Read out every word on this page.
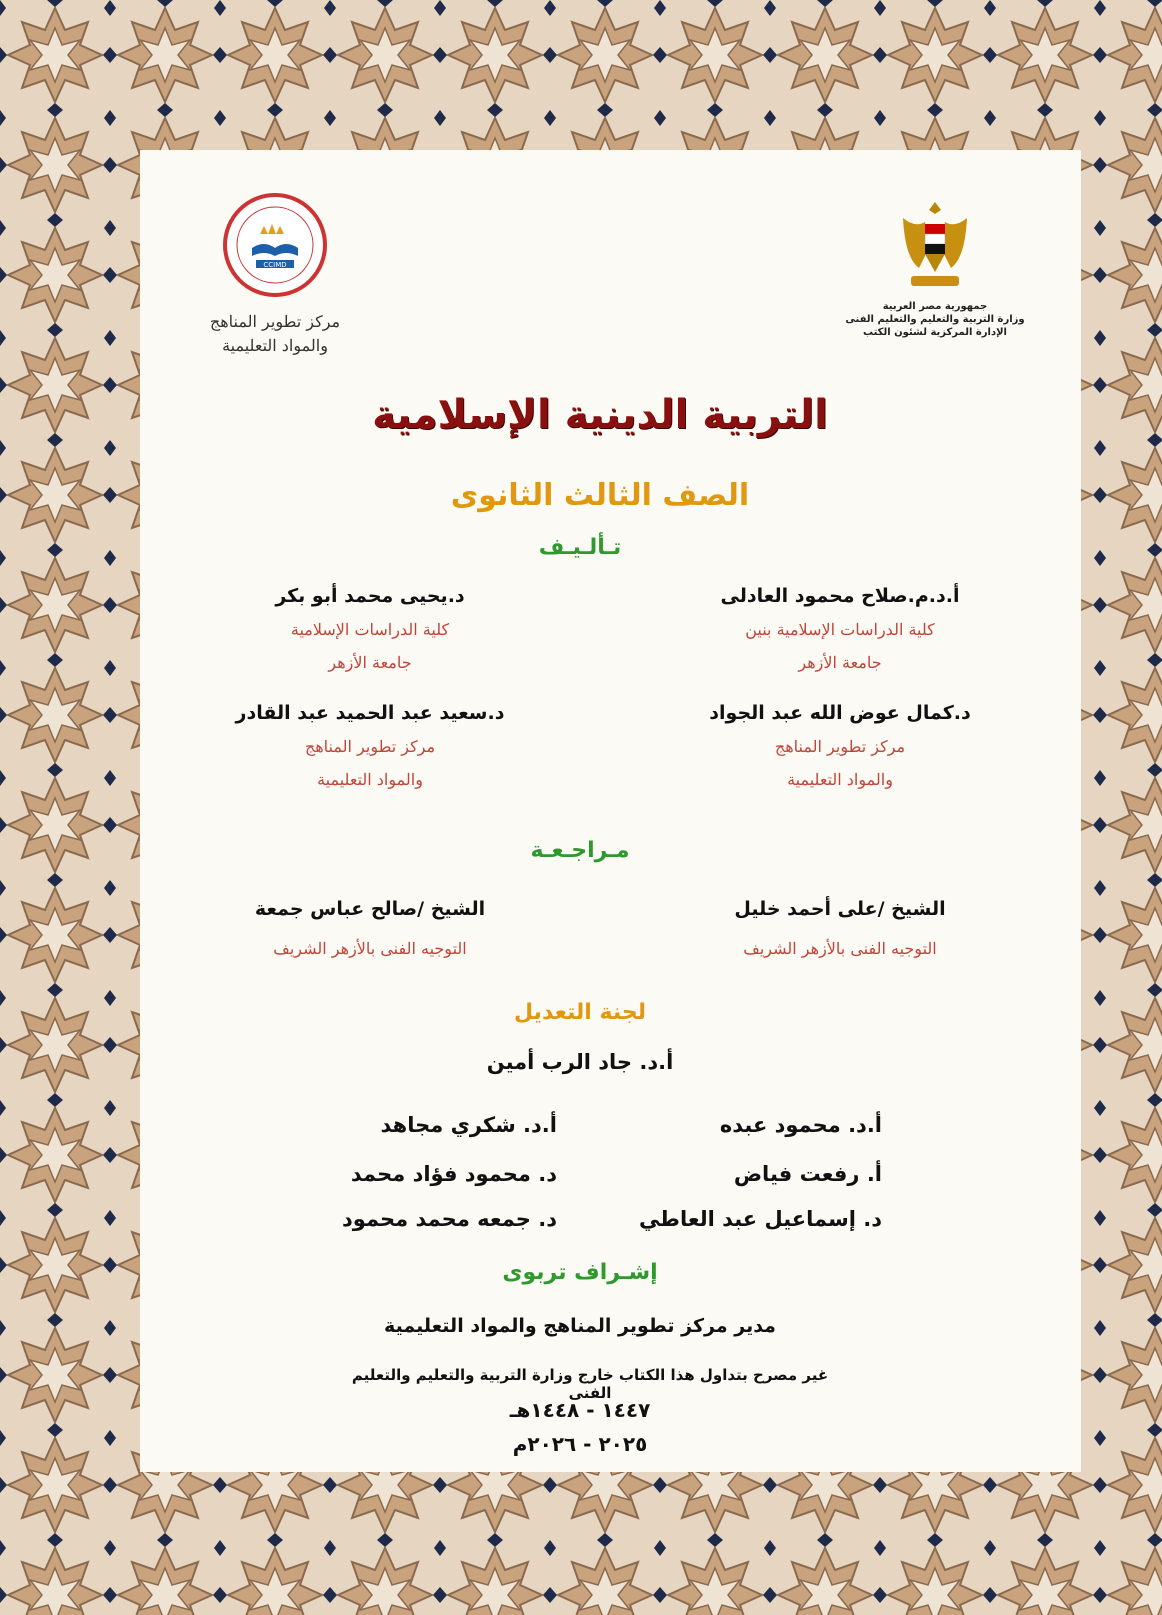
جمهورية مصر العربية
وزارة التربية والتعليم والتعليم الفنى
الإدارة المركزية لشئون الكتب
CCIMD
مركز تطوير المناهج
والمواد التعليمية
التربية الدينية الإسلامية
الصف الثالث الثانوى
تـألـيـف
أ.د.م.صلاح محمود العادلى
كلية الدراسات الإسلامية بنين
جامعة الأزهر
د.يحيى محمد أبو بكر
كلية الدراسات الإسلامية
جامعة الأزهر
د.كمال عوض الله عبد الجواد
مركز تطوير المناهج
والمواد التعليمية
د.سعيد عبد الحميد عبد القادر
مركز تطوير المناهج
والمواد التعليمية
مـراجـعـة
الشيخ /على أحمد خليل
التوجيه الفنى بالأزهر الشريف
الشيخ /صالح عباس جمعة
التوجيه الفنى بالأزهر الشريف
لجنة التعديل
أ.د. جاد الرب أمين
أ.د. محمود عبده
أ.د. شكري مجاهد
أ. رفعت فياض
د. محمود فؤاد محمد
د. إسماعيل عبد العاطي
د. جمعه محمد محمود
إشـراف تربوى
مدير مركز تطوير المناهج والمواد التعليمية
غير مصرح بتداول هذا الكتاب خارج وزارة التربية والتعليم والتعليم الفنى
١٤٤٧ - ١٤٤٨هـ
٢٠٢٥ - ٢٠٢٦م
